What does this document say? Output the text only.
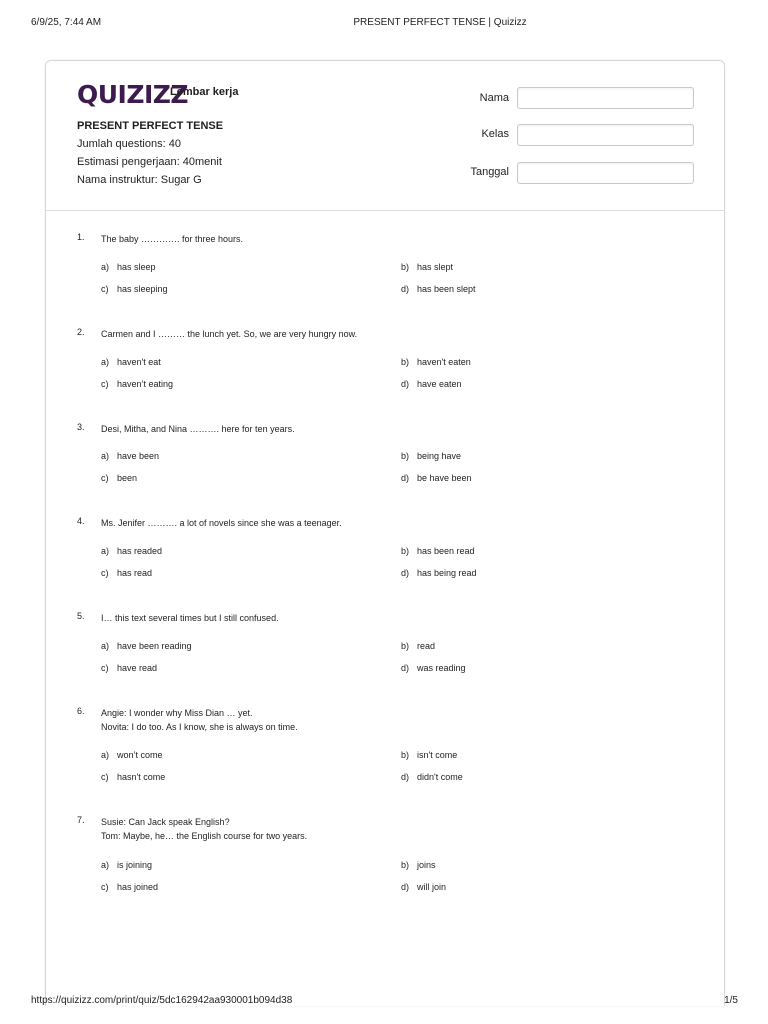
6/9/25, 7:44 AM	PRESENT PERFECT TENSE | Quizizz
QUIZIZZ
Lembar kerja
PRESENT PERFECT TENSE
Jumlah questions: 40
Estimasi pengerjaan: 40menit
Nama instruktur: Sugar G
Nama
Kelas
Tanggal
1. The baby …………. for three hours.
a) has sleep	b) has slept
c) has sleeping	d) has been slept
2. Carmen and I ……… the lunch yet. So, we are very hungry now.
a) haven't eat	b) haven't eaten
c) haven’t eating	d) have eaten
3. Desi, Mitha, and Nina ………. here for ten years.
a) have been	b) being have
c) been	d) be have been
4. Ms. Jenifer ………. a lot of novels since she was a teenager.
a) has readed	b) has been read
c) has read	d) has being read
5. I… this text several times but I still confused.
a) have been reading	b) read
c) have read	d) was reading
6. Angie: I wonder why Miss Dian … yet.
Novita: I do too. As I know, she is always on time.
a) won’t come	b) isn't come
c) hasn't come	d) didn't come
7. Susie: Can Jack speak English?
Tom: Maybe, he… the English course for two years.
a) is joining	b) joins
c) has joined	d) will join
https://quizizz.com/print/quiz/5dc162942aa930001b094d38	1/5
